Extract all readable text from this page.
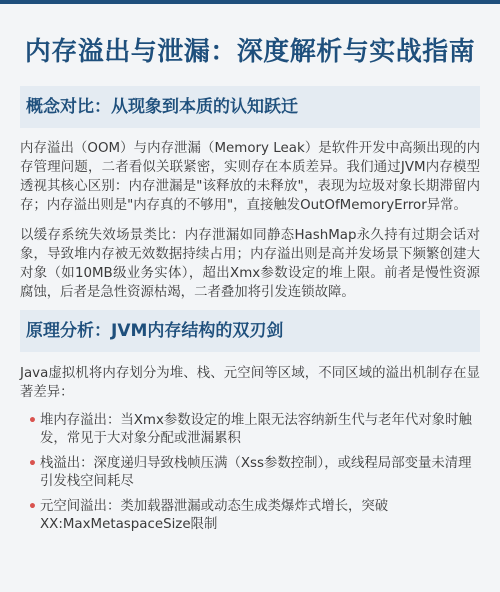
内存溢出与泄漏：深度解析与实战指南
概念对比：从现象到本质的认知跃迁

内存溢出（OOM）与内存泄漏（Memory Leak）是软件开发中高频出现的内存管理问题，二者看似关联紧密，实则存在本质差异。我们通过JVM内存模型透视其核心区别：内存泄漏是"该释放的未释放"，表现为垃圾对象长期滞留内存；内存溢出则是"内存真的不够用"，直接触发OutOfMemoryError异常。

以缓存系统失效场景类比：内存泄漏如同静态HashMap永久持有过期会话对象，导致堆内存被无效数据持续占用；内存溢出则是高并发场景下频繁创建大对象（如10MB级业务实体），超出Xmx参数设定的堆上限。前者是慢性资源腐蚀，后者是急性资源枯竭，二者叠加将引发连锁故障。

原理分析：JVM内存结构的双刃剑

Java虚拟机将内存划分为堆、栈、元空间等区域，不同区域的溢出机制存在显著差异：

• 堆内存溢出：当Xmx参数设定的堆上限无法容纳新生代与老年代对象时触发，常见于大对象分配或泄漏累积
• 栈溢出：深度递归导致栈帧压满（Xss参数控制），或线程局部变量未清理引发栈空间耗尽
• 元空间溢出：类加载器泄漏或动态生成类爆炸式增长，突破XX:MaxMetaspaceSize限制
